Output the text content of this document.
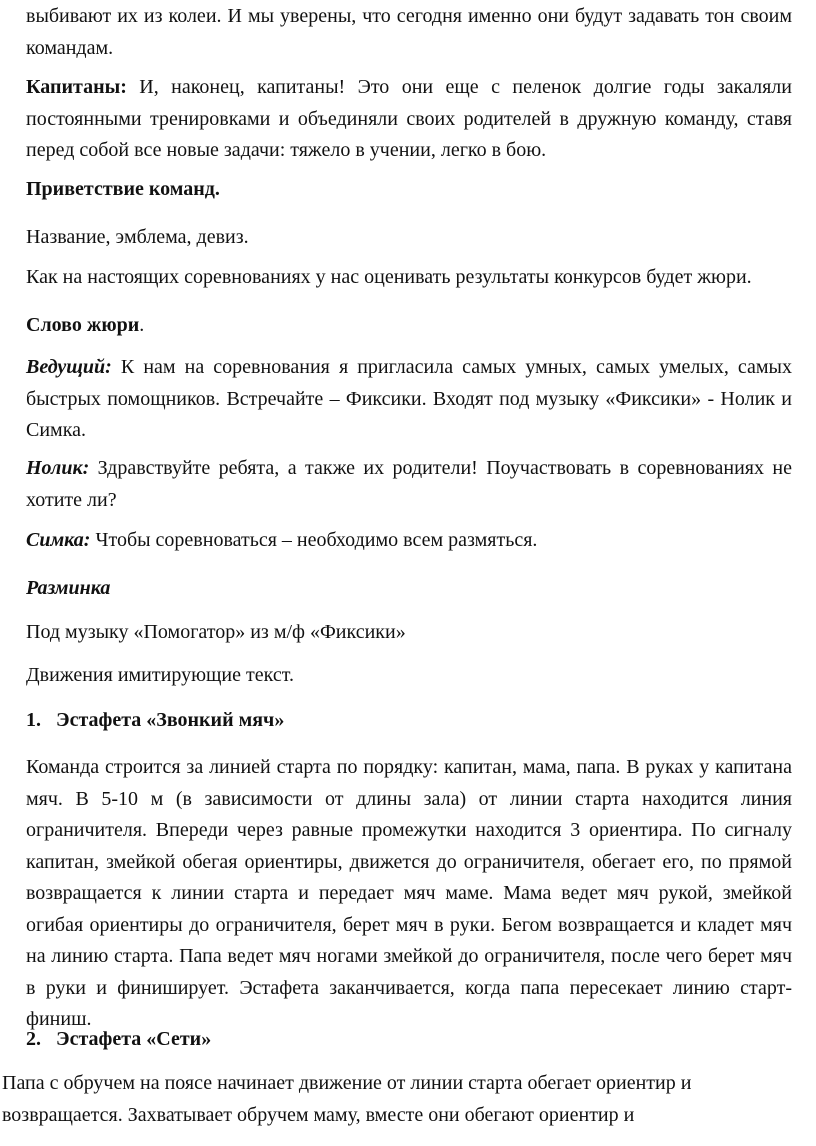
выбивают их из колеи. И мы уверены, что сегодня именно они будут задавать тон своим командам.

Капитаны: И, наконец, капитаны! Это они еще с пеленок долгие годы закаляли постоянными тренировками и объединяли своих родителей в дружную команду, ставя перед собой все новые задачи: тяжело в учении, легко в бою.

Приветствие команд.

Название, эмблема, девиз.

Как на настоящих соревнованиях у нас оценивать результаты конкурсов будет жюри.

Слово жюри.

Ведущий: К нам на соревнования я пригласила самых умных, самых умелых, самых быстрых помощников. Встречайте – Фиксики. Входят под музыку «Фиксики» - Нолик и Симка.

Нолик: Здравствуйте ребята, а также их родители! Поучаствовать в соревнованиях не хотите ли?

Симка: Чтобы соревноваться – необходимо всем размяться.

Разминка

Под музыку «Помогатор» из м/ф «Фиксики»

Движения имитирующие текст.

1. Эстафета «Звонкий мяч»

Команда строится за линией старта по порядку: капитан, мама, папа. В руках у капитана мяч. В 5-10 м (в зависимости от длины зала) от линии старта находится линия ограничителя. Впереди через равные промежутки находится 3 ориентира. По сигналу капитан, змейкой обегая ориентиры, движется до ограничителя, обегает его, по прямой возвращается к линии старта и передает мяч маме. Мама ведет мяч рукой, змейкой огибая ориентиры до ограничителя, берет мяч в руки. Бегом возвращается и кладет мяч на линию старта. Папа ведет мяч ногами змейкой до ограничителя, после чего берет мяч в руки и финиширует. Эстафета заканчивается, когда папа пересекает линию старт-финиш.

2. Эстафета «Сети»

Папа с обручем на поясе начинает движение от линии старта обегает ориентир и возвращается. Захватывает обручем маму, вместе они обегают ориентир и
